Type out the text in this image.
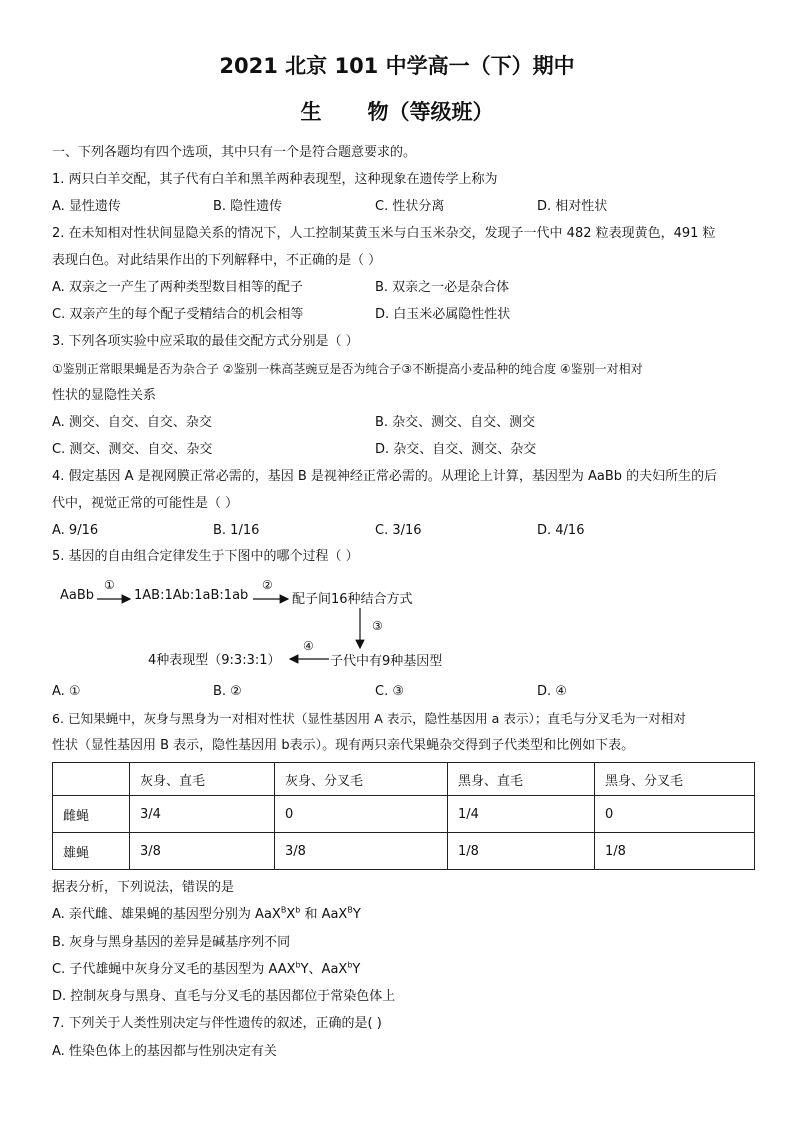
2021 北京 101 中学高一（下）期中
生 物（等级班）
一、下列各题均有四个选项，其中只有一个是符合题意要求的。
1. 两只白羊交配，其子代有白羊和黑羊两种表现型，这种现象在遗传学上称为
A. 显性遗传	B. 隐性遗传	C. 性状分离	D. 相对性状
2. 在未知相对性状间显隐关系的情况下，人工控制某黄玉米与白玉米杂交，发现子一代中 482 粒表现黄色，491 粒
表现白色。对此结果作出的下列解释中，不正确的是（ ）
A. 双亲之一产生了两种类型数目相等的配子	B. 双亲之一必是杂合体
C. 双亲产生的每个配子受精结合的机会相等	D. 白玉米必属隐性性状
3. 下列各项实验中应采取的最佳交配方式分别是（ ）
①鉴别正常眼果蝇是否为杂合子 ②鉴别一株高茎豌豆是否为纯合子③不断提高小麦品种的纯合度 ④鉴别一对相对
性状的显隐性关系
A. 测交、自交、自交、杂交	B. 杂交、测交、自交、测交
C. 测交、测交、自交、杂交	D. 杂交、自交、测交、杂交
4. 假定基因 A 是视网膜正常必需的，基因 B 是视神经正常必需的。从理论上计算，基因型为 AaBb 的夫妇所生的后
代中，视觉正常的可能性是（ ）
A. 9/16	B. 1/16	C. 3/16	D. 4/16
5. 基因的自由组合定律发生于下图中的哪个过程（ ）
AaBb
①
1AB:1Ab:1aB:1ab
②
配子间16种结合方式
③
子代中有9种基因型
④
4种表现型（9:3:3:1）
A. ①	B. ②	C. ③	D. ④
6. 已知果蝇中，灰身与黑身为一对相对性状（显性基因用 A 表示，隐性基因用 a 表示）；直毛与分叉毛为一对相对
性状（显性基因用 B 表示，隐性基因用 b表示）。现有两只亲代果蝇杂交得到子代类型和比例如下表。
	灰身、直毛	灰身、分叉毛	黑身、直毛	黑身、分叉毛
雌蝇	3/4	0	1/4	0
雄蝇	3/8	3/8	1/8	1/8
据表分析，下列说法，错误的是
A. 亲代雌、雄果蝇的基因型分别为 $AaX^BX^b$ 和 AaX$^B$Y
B. 灰身与黑身基因的差异是碱基序列不同
C. 子代雄蝇中灰身分叉毛的基因型为 AAX$^b$Y、AaX$^b$Y
D. 控制灰身与黑身、直毛与分叉毛的基因都位于常染色体上
7. 下列关于人类性别决定与伴性遗传的叙述，正确的是( )
A. 性染色体上的基因都与性别决定有关
